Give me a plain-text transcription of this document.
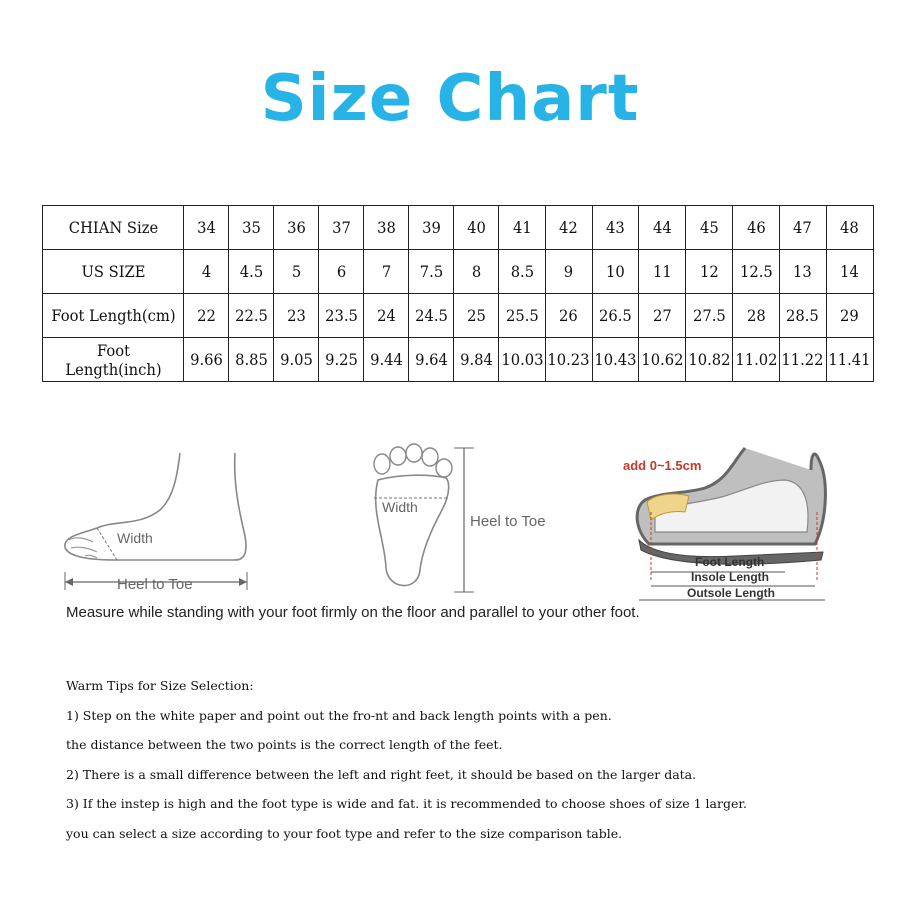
Size Chart
CHIAN Size	34	35	36	37	38	39	40	41	42	43	44	45	46	47	48
US SIZE	4	4.5	5	6	7	7.5	8	8.5	9	10	11	12	12.5	13	14
Foot Length(cm)	22	22.5	23	23.5	24	24.5	25	25.5	26	26.5	27	27.5	28	28.5	29
Foot Length(inch)	9.66	8.85	9.05	9.25	9.44	9.64	9.84	10.03	10.23	10.43	10.62	10.82	11.02	11.22	11.41
Width
Heel to Toe
Width
Heel to Toe
add 0~1.5cm
Foot Length
Insole Length
Outsole Length
Measure while standing with your foot firmly on the floor and parallel to your other foot.

Warm Tips for Size Selection:

1) Step on the white paper and point out the fro-nt and back length points with a pen.

the distance between the two points is the correct length of the feet.

2) There is a small difference between the left and right feet, it should be based on the larger data.

3) If the instep is high and the foot type is wide and fat. it is recommended to choose shoes of size 1 larger.

you can select a size according to your foot type and refer to the size comparison table.
